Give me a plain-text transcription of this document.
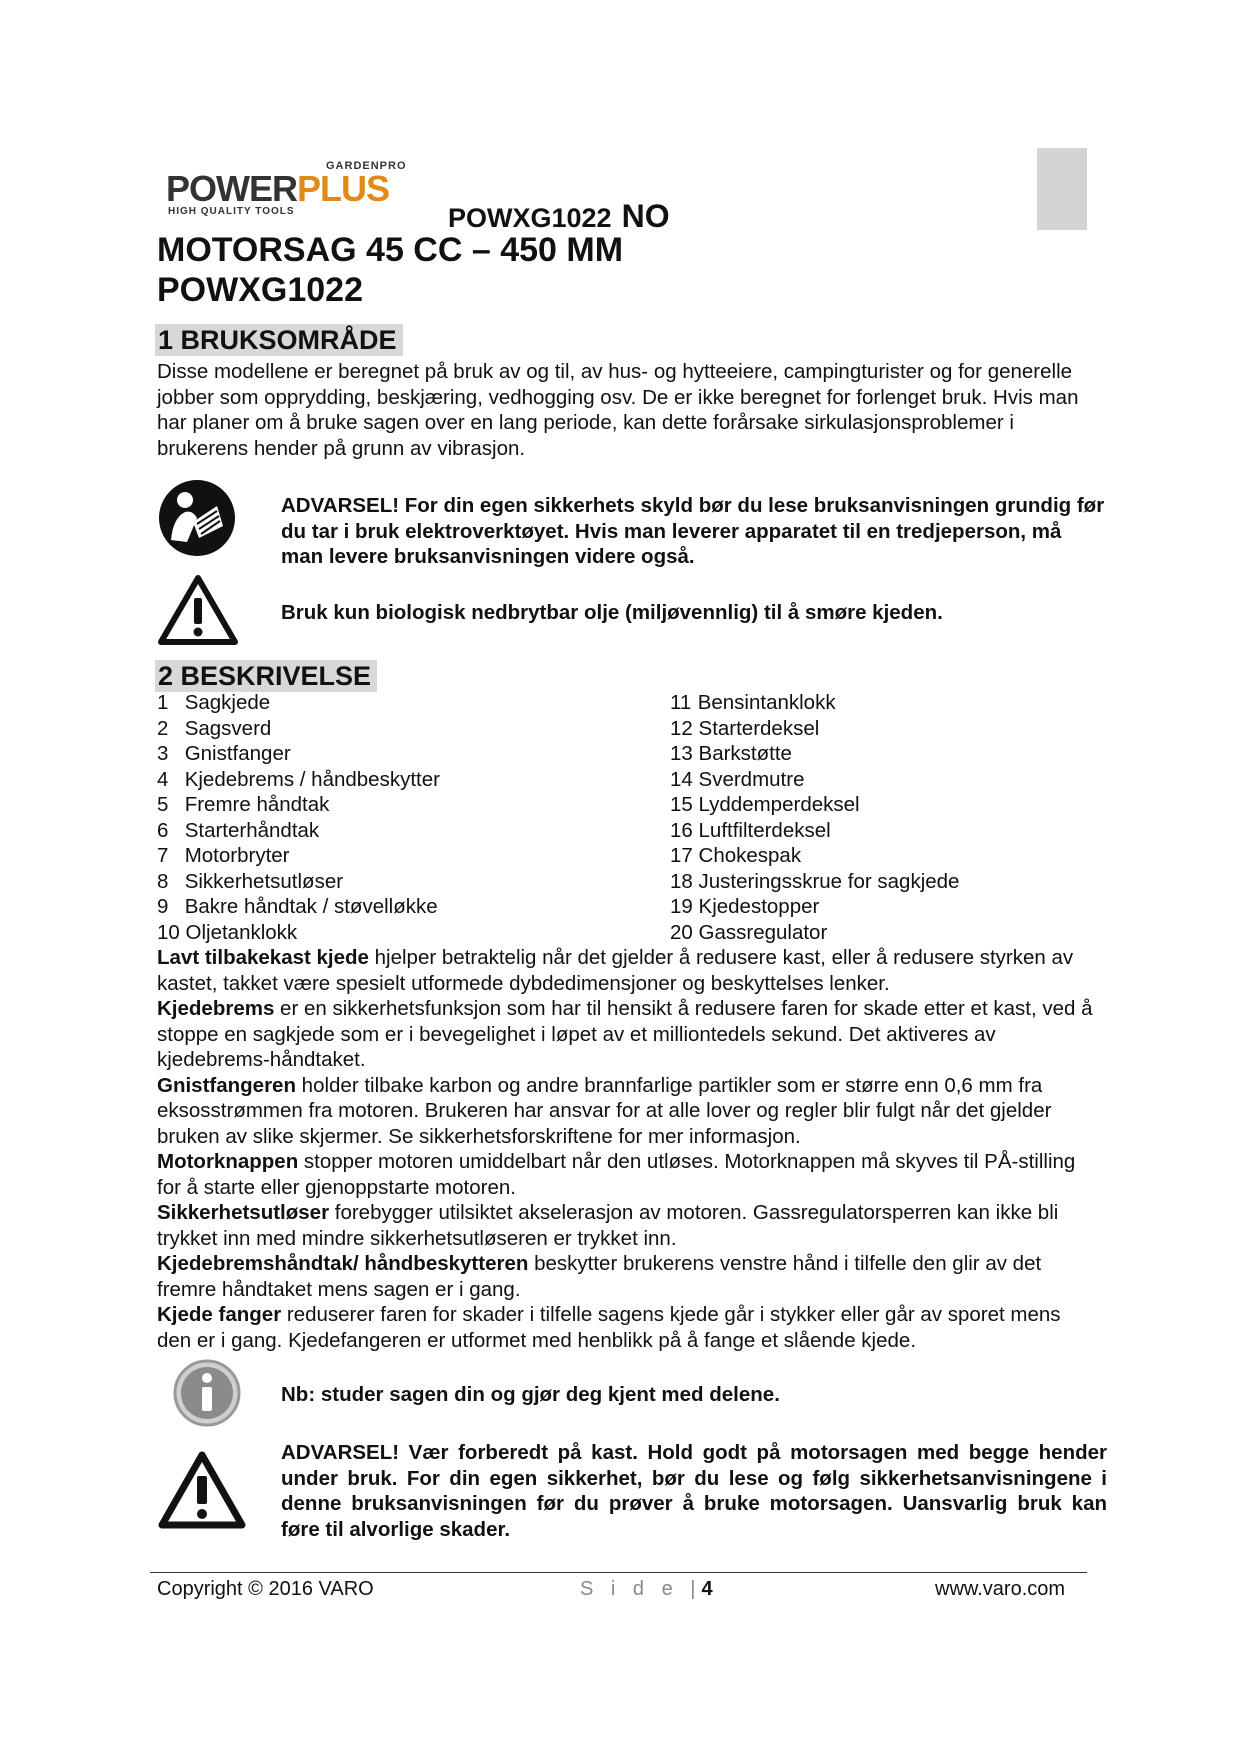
GARDENPRO
POWERPLUS
HIGH QUALITY TOOLS	POWXG1022 NO
MOTORSAG 45 CC – 450 MM
POWXG1022
1 BRUKSOMRÅDE

Disse modellene er beregnet på bruk av og til, av hus- og hytteeiere, campingturister og for generelle jobber som opprydding, beskjæring, vedhogging osv. De er ikke beregnet for forlenget bruk. Hvis man har planer om å bruke sagen over en lang periode, kan dette forårsake sirkulasjonsproblemer i brukerens hender på grunn av vibrasjon.

ADVARSEL! For din egen sikkerhets skyld bør du lese bruksanvisningen grundig før du tar i bruk elektroverktøyet. Hvis man leverer apparatet til en tredjeperson, må man levere bruksanvisningen videre også.

Bruk kun biologisk nedbrytbar olje (miljøvennlig) til å smøre kjeden.

2 BESKRIVELSE
1 Sagkjede
2 Sagsverd
3 Gnistfanger
4 Kjedebrems / håndbeskytter
5 Fremre håndtak
6 Starterhåndtak
7 Motorbryter
8 Sikkerhetsutløser
9 Bakre håndtak / støvelløkke
10 Oljetanklokk
11 Bensintanklokk
12 Starterdeksel
13 Barkstøtte
14 Sverdmutre
15 Lyddemperdeksel
16 Luftfilterdeksel
17 Chokespak
18 Justeringsskrue for sagkjede
19 Kjedestopper
20 Gassregulator

Lavt tilbakekast kjede hjelper betraktelig når det gjelder å redusere kast, eller å redusere styrken av kastet, takket være spesielt utformede dybdedimensjoner og beskyttelses lenker.

Kjedebrems er en sikkerhetsfunksjon som har til hensikt å redusere faren for skade etter et kast, ved å stoppe en sagkjede som er i bevegelighet i løpet av et milliontedels sekund. Det aktiveres av kjedebrems-håndtaket.

Gnistfangeren holder tilbake karbon og andre brannfarlige partikler som er større enn 0,6 mm fra eksosstrømmen fra motoren. Brukeren har ansvar for at alle lover og regler blir fulgt når det gjelder bruken av slike skjermer. Se sikkerhetsforskriftene for mer informasjon.

Motorknappen stopper motoren umiddelbart når den utløses. Motorknappen må skyves til PÅ-stilling for å starte eller gjenoppstarte motoren.

Sikkerhetsutløser forebygger utilsiktet akselerasjon av motoren. Gassregulatorsperren kan ikke bli trykket inn med mindre sikkerhetsutløseren er trykket inn.

Kjedebremshåndtak/ håndbeskytteren beskytter brukerens venstre hånd i tilfelle den glir av det fremre håndtaket mens sagen er i gang.

Kjede fanger reduserer faren for skader i tilfelle sagens kjede går i stykker eller går av sporet mens den er i gang. Kjedefangeren er utformet med henblikk på å fange et slående kjede.

Nb: studer sagen din og gjør deg kjent med delene.

ADVARSEL! Vær forberedt på kast. Hold godt på motorsagen med begge hender under bruk. For din egen sikkerhet, bør du lese og følg sikkerhetsanvisningene i denne bruksanvisningen før du prøver å bruke motorsagen. Uansvarlig bruk kan føre til alvorlige skader.

Copyright © 2016 VARO	S i d e |4	www.varo.com
